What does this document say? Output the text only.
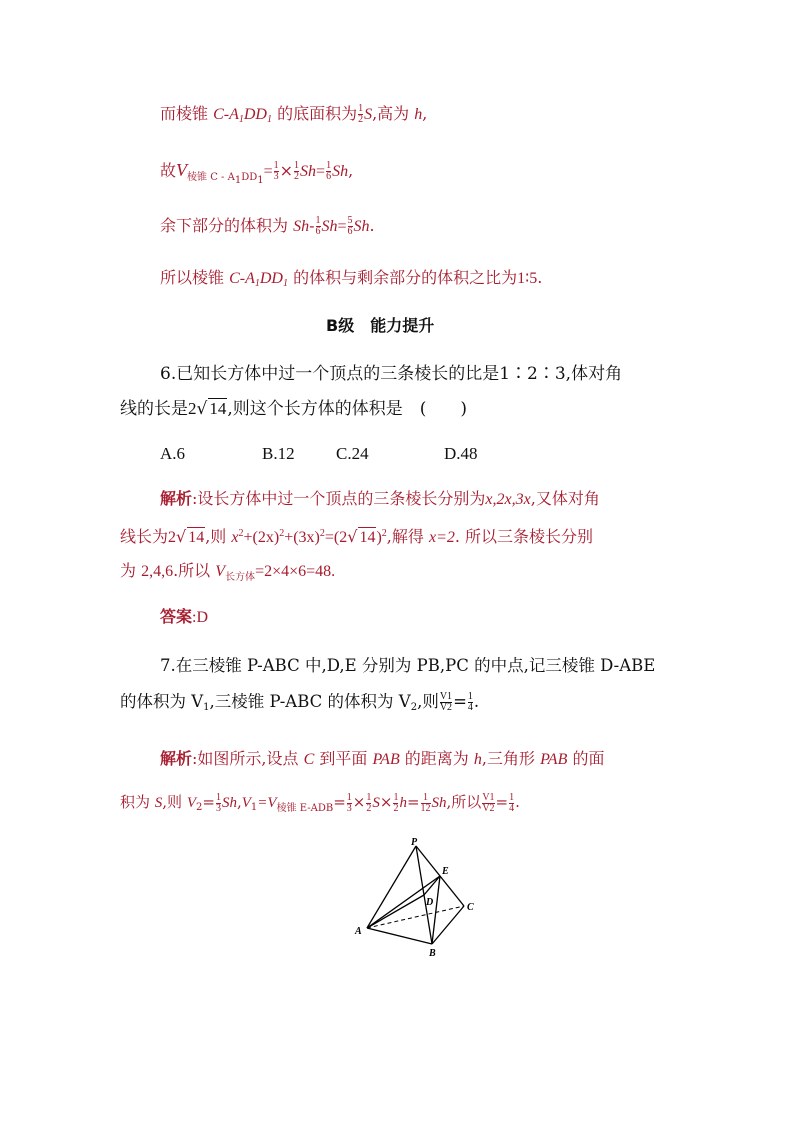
而棱锥 $C-A_1DD_1$ 的底面积为 $\frac{1}{2} S$,高为 h,
故$V_{棱锥 C - A1DD1}= \frac{1}{3} \times \frac{1}{2} Sh= \frac{1}{6} Sh$,
余下部分的体积为 $Sh- \frac{1}{6} Sh= \frac{5}{6} Sh$.
所以棱锥 $C-A_1DD_1$ 的体积与剩余部分的体积之比为1∶5.
B级　能力提升
6.已知长方体中过一个顶点的三条棱长的比是1∶2∶3,体对角
线的长是2√ 14,则这个长方体的体积是　(　　)
A.6	B.12 C.24	D.48
解析:设长方体中过一个顶点的三条棱长分别为x,2x,3x,又体对角
线长为2√ 14,则 $x^2+(2x)^2+(3x)^2=(2√$ 14)$^2$,解得 x=2. 所以三条棱长分别
为 2,4,6.所以 $V_{长方体}=2\times 4\times 6=48$.
答案:D
7.在三棱锥 P-ABC 中,D,E 分别为 PB,PC 的中点,记三棱锥 D-ABE
的体积为 $V_1$,三棱锥 P-ABC 的体积为 $V_2$,则 $\frac{V1}{V2} = \frac{1}{4}$ .
解析:如图所示,设点 C 到平面 PAB 的距离为 h,三角形 PAB 的面
积为 S,则 $V_2= \frac{1}{3} Sh,V_1=V_{棱锥 E-ADB}= \frac{1}{3} \times \frac{1}{2} S\times \frac{1}{2} h= \frac{1}{12} Sh$,所以 $\frac{V1}{V2} = \frac{1}{4}$ .
P
E
D	C
A
B
